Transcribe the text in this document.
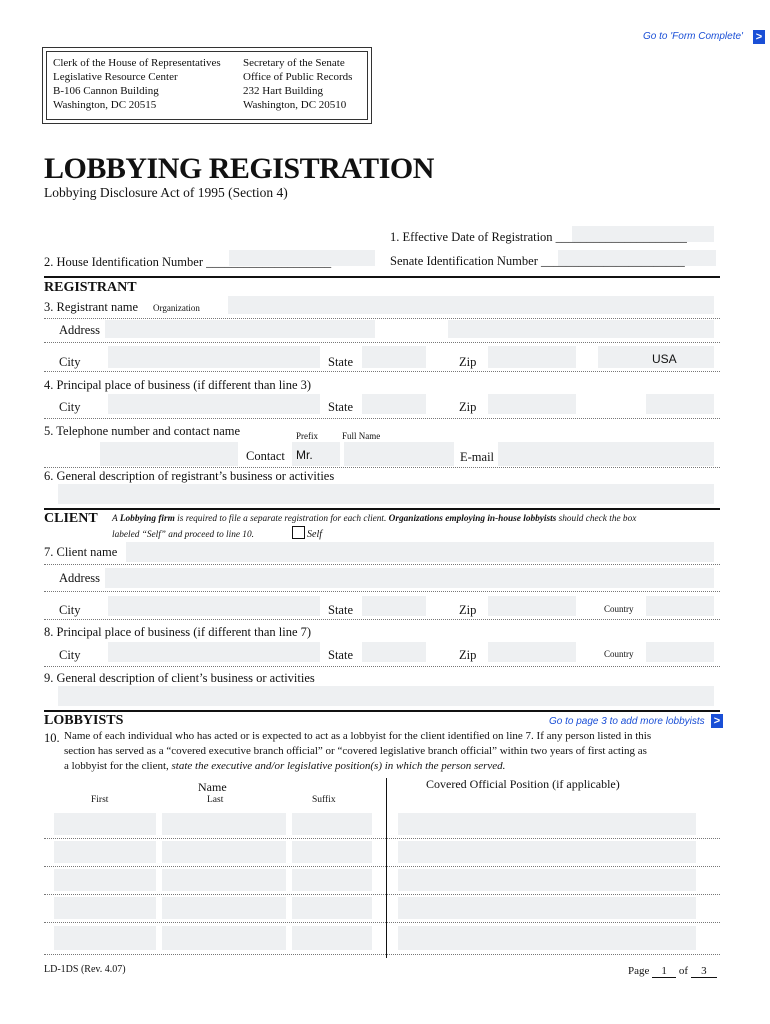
Go to 'Form Complete' >
Clerk of the House of Representatives
Legislative Resource Center
B-106 Cannon Building
Washington, DC 20515
Secretary of the Senate
Office of Public Records
232 Hart Building
Washington, DC 20510
LOBBYING REGISTRATION
Lobbying Disclosure Act of 1995 (Section 4)
1. Effective Date of Registration _____________________
2. House Identification Number ____________________	Senate Identification Number _______________________
REGISTRANT
3. Registrant name Organization
Address
City	State	Zip	USA
4. Principal place of business (if different than line 3)
City	State	Zip
5. Telephone number and contact name	Prefix	Full Name
Contact Mr.	E-mail
6. General description of registrant’s business or activities
CLIENT A Lobbying firm is required to file a separate registration for each client. Organizations employing in-house lobbyists should check the box
labeled “Self” and proceed to line 10.	Self
7. Client name
Address
City	State	Zip	Country
8. Principal place of business (if different than line 7)
City	State	Zip	Country
9. General description of client’s business or activities
LOBBYISTS	Go to page 3 to add more lobbyists >
10. Name of each individual who has acted or is expected to act as a lobbyist for the client identified on line 7. If any person listed in this
section has served as a “covered executive branch official” or “covered legislative branch official” within two years of first acting as
a lobbyist for the client, state the executive and/or legislative position(s) in which the person served.
Name	Covered Official Position (if applicable)
First	Last	Suffix
LD-1DS (Rev. 4.07)	Page 1 of 3
